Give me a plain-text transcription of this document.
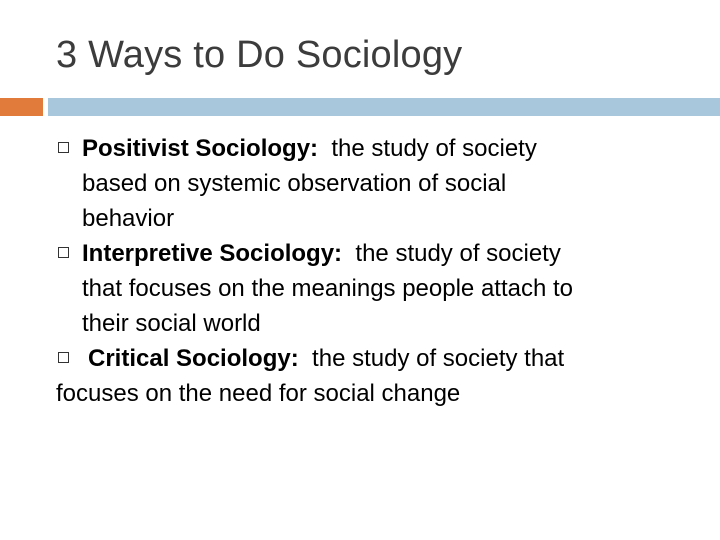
3 Ways to Do Sociology
Positivist Sociology: the study of society
based on systemic observation of social
behavior
Interpretive Sociology: the study of society
that focuses on the meanings people attach to
their social world
Critical Sociology: the study of society that
focuses on the need for social change
